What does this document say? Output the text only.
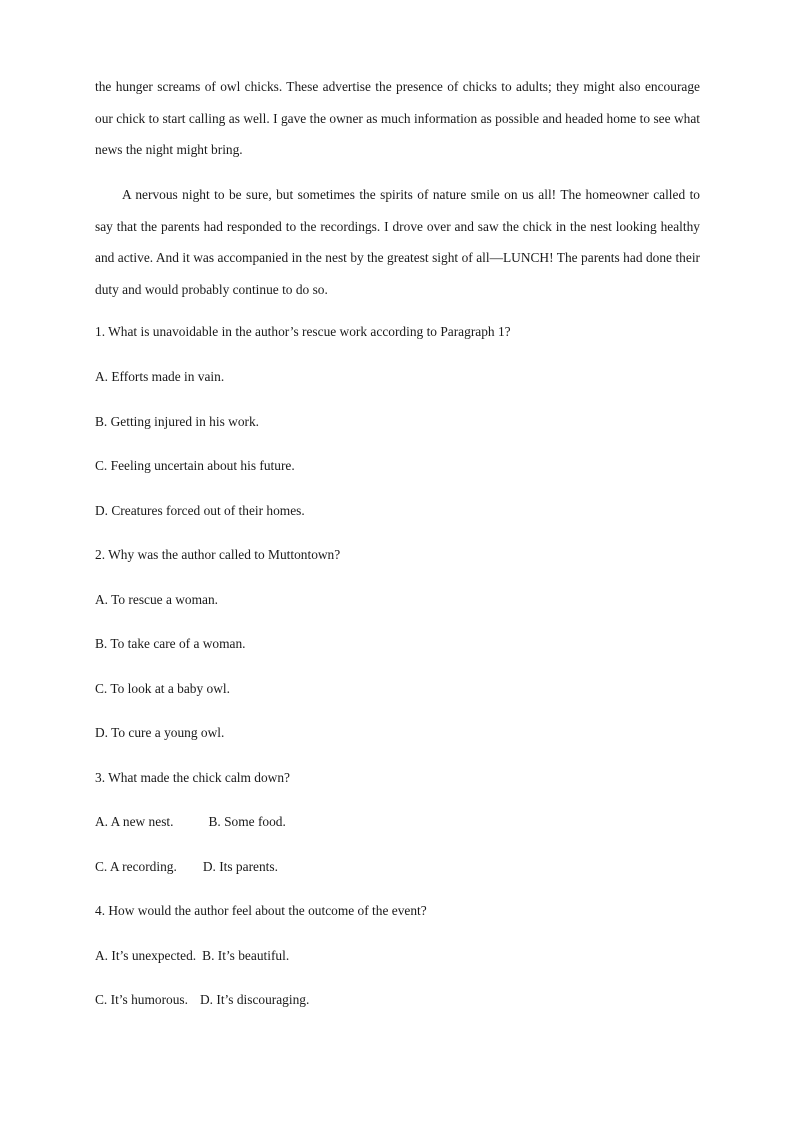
the hunger screams of owl chicks. These advertise the presence of chicks to adults; they might also encourage our chick to start calling as well. I gave the owner as much information as possible and headed home to see what news the night might bring.

A nervous night to be sure, but sometimes the spirits of nature smile on us all! The homeowner called to say that the parents had responded to the recordings. I drove over and saw the chick in the nest looking healthy and active. And it was accompanied in the nest by the greatest sight of all—LUNCH! The parents had done their duty and would probably continue to do so.

1. What is unavoidable in the author’s rescue work according to Paragraph 1?
A. Efforts made in vain.
B. Getting injured in his work.
C. Feeling uncertain about his future.
D. Creatures forced out of their homes.
2. Why was the author called to Muttontown?
A. To rescue a woman.
B. To take care of a woman.
C. To look at a baby owl.
D. To cure a young owl.
3. What made the chick calm down?
A. A new nest.	B. Some food.
C. A recording. D. Its parents.
4. How would the author feel about the outcome of the event?
A. It’s unexpected. B. It’s beautiful.
C. It’s humorous. D. It’s discouraging.
